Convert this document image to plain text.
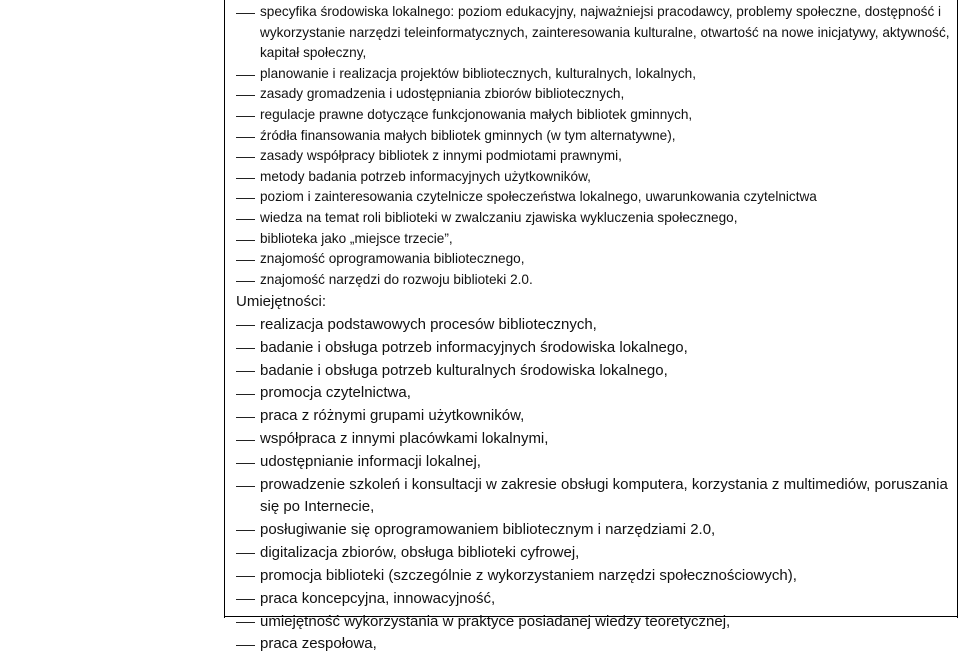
specyfika środowiska lokalnego: poziom edukacyjny, najważniejsi pracodawcy, problemy społeczne, dostępność i wykorzystanie narzędzi teleinformatycznych, zainteresowania kulturalne, otwartość na nowe inicjatywy, aktywność, kapitał społeczny,
planowanie i realizacja projektów bibliotecznych, kulturalnych, lokalnych,
zasady gromadzenia i udostępniania zbiorów bibliotecznych,
regulacje prawne dotyczące funkcjonowania małych bibliotek gminnych,
źródła finansowania małych bibliotek gminnych (w tym alternatywne),
zasady współpracy bibliotek z innymi podmiotami prawnymi,
metody badania potrzeb informacyjnych użytkowników,
poziom i zainteresowania czytelnicze społeczeństwa lokalnego, uwarunkowania czytelnictwa
wiedza na temat roli biblioteki w zwalczaniu zjawiska wykluczenia społecznego,
biblioteka jako „miejsce trzecie”,
znajomość oprogramowania bibliotecznego,
znajomość narzędzi do rozwoju biblioteki 2.0.
Umiejętności:
realizacja podstawowych procesów bibliotecznych,
badanie i obsługa potrzeb informacyjnych środowiska lokalnego,
badanie i obsługa potrzeb kulturalnych środowiska lokalnego,
promocja czytelnictwa,
praca z różnymi grupami użytkowników,
współpraca z innymi placówkami lokalnymi,
udostępnianie informacji lokalnej,
prowadzenie szkoleń i konsultacji w zakresie obsługi komputera, korzystania z multimediów, poruszania się po Internecie,
posługiwanie się oprogramowaniem bibliotecznym i narzędziami 2.0,
digitalizacja zbiorów, obsługa biblioteki cyfrowej,
promocja biblioteki (szczególnie z wykorzystaniem narzędzi społecznościowych),
praca koncepcyjna, innowacyjność,
umiejętność wykorzystania w praktyce posiadanej wiedzy teoretycznej,
praca zespołowa,
